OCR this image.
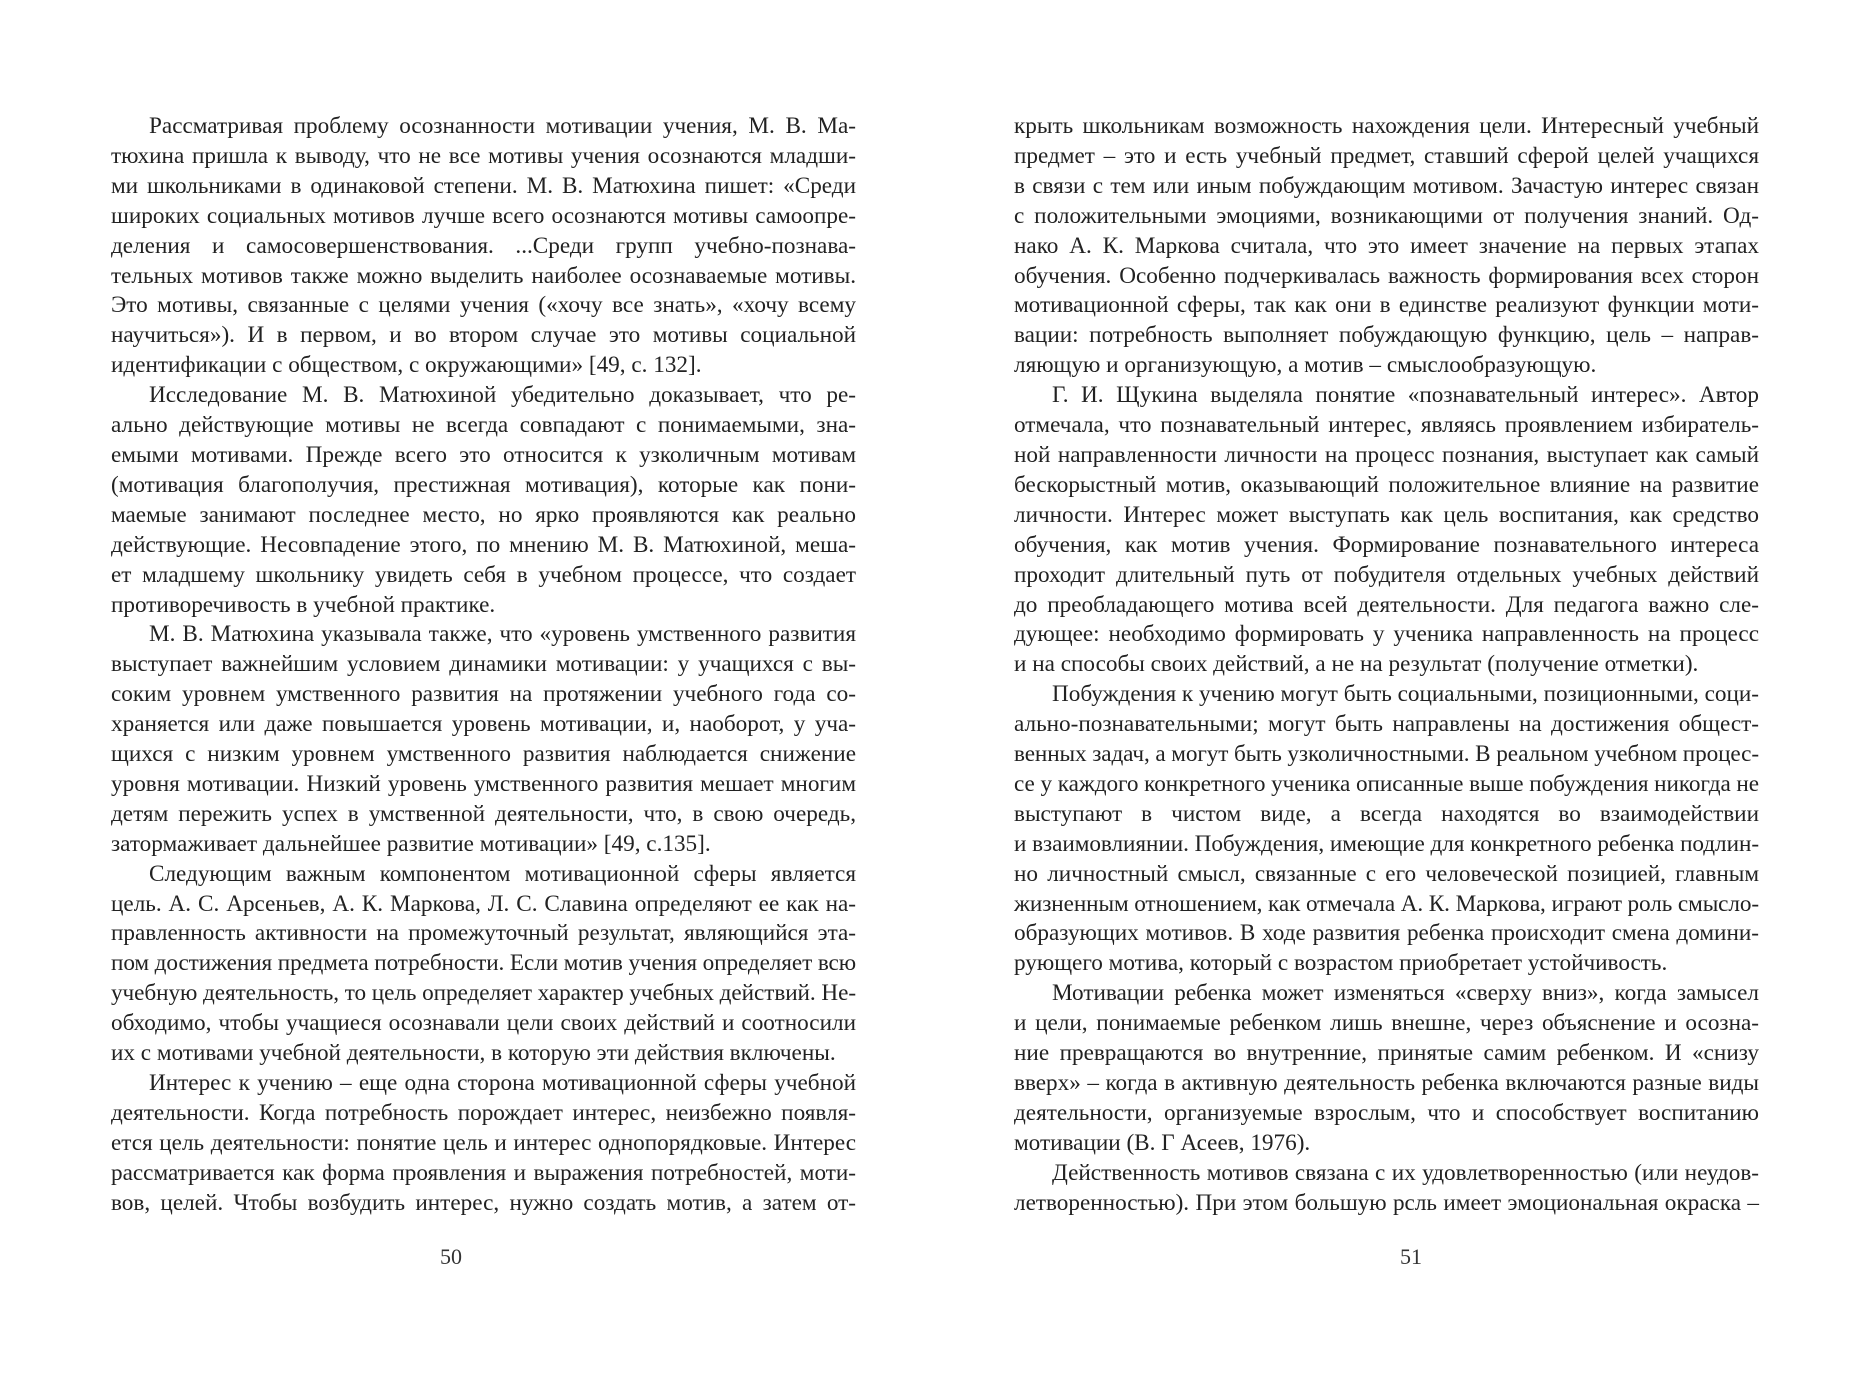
Рассматривая проблему осознанности мотивации учения, М. В. Ма-
тюхина пришла к выводу, что не все мотивы учения осознаются младши-
ми школьниками в одинаковой степени. М. В. Матюхина пишет: «Среди
широких социальных мотивов лучше всего осознаются мотивы самоопре-
деления и самосовершенствования. ...Среди групп учебно-познава-
тельных мотивов также можно выделить наиболее осознаваемые мотивы.
Это мотивы, связанные с целями учения («хочу все знать», «хочу всему
научиться»). И в первом, и во втором случае это мотивы социальной
идентификации с обществом, с окружающими» [49, с. 132].
Исследование М. В. Матюхиной убедительно доказывает, что ре-
ально действующие мотивы не всегда совпадают с понимаемыми, зна-
емыми мотивами. Прежде всего это относится к узколичным мотивам
(мотивация благополучия, престижная мотивация), которые как пони-
маемые занимают последнее место, но ярко проявляются как реально
действующие. Несовпадение этого, по мнению М. В. Матюхиной, меша-
ет младшему школьнику увидеть себя в учебном процессе, что создает
противоречивость в учебной практике.
М. В. Матюхина указывала также, что «уровень умственного развития
выступает важнейшим условием динамики мотивации: у учащихся с вы-
соким уровнем умственного развития на протяжении учебного года со-
храняется или даже повышается уровень мотивации, и, наоборот, у уча-
щихся с низким уровнем умственного развития наблюдается снижение
уровня мотивации. Низкий уровень умственного развития мешает многим
детям пережить успех в умственной деятельности, что, в свою очередь,
затормаживает дальнейшее развитие мотивации» [49, с.135].
Следующим важным компонентом мотивационной сферы является
цель. А. С. Арсеньев, А. К. Маркова, Л. С. Славина определяют ее как на-
правленность активности на промежуточный результат, являющийся эта-
пом достижения предмета потребности. Если мотив учения определяет всю
учебную деятельность, то цель определяет характер учебных действий. Не-
обходимо, чтобы учащиеся осознавали цели своих действий и соотносили
их с мотивами учебной деятельности, в которую эти действия включены.
Интерес к учению – еще одна сторона мотивационной сферы учебной
деятельности. Когда потребность порождает интерес, неизбежно появля-
ется цель деятельности: понятие цель и интерес однопорядковые. Интерес
рассматривается как форма проявления и выражения потребностей, моти-
вов, целей. Чтобы возбудить интерес, нужно создать мотив, а затем от-
крыть школьникам возможность нахождения цели. Интересный учебный
предмет – это и есть учебный предмет, ставший сферой целей учащихся
в связи с тем или иным побуждающим мотивом. Зачастую интерес связан
с положительными эмоциями, возникающими от получения знаний. Од-
нако А. К. Маркова считала, что это имеет значение на первых этапах
обучения. Особенно подчеркивалась важность формирования всех сторон
мотивационной сферы, так как они в единстве реализуют функции моти-
вации: потребность выполняет побуждающую функцию, цель – направ-
ляющую и организующую, а мотив – смыслообразующую.
Г. И. Щукина выделяла понятие «познавательный интерес». Автор
отмечала, что познавательный интерес, являясь проявлением избиратель-
ной направленности личности на процесс познания, выступает как самый
бескорыстный мотив, оказывающий положительное влияние на развитие
личности. Интерес может выступать как цель воспитания, как средство
обучения, как мотив учения. Формирование познавательного интереса
проходит длительный путь от побудителя отдельных учебных действий
до преобладающего мотива всей деятельности. Для педагога важно сле-
дующее: необходимо формировать у ученика направленность на процесс
и на способы своих действий, а не на результат (получение отметки).
Побуждения к учению могут быть социальными, позиционными, соци-
ально-познавательными; могут быть направлены на достижения общест-
венных задач, а могут быть узколичностными. В реальном учебном процес-
се у каждого конкретного ученика описанные выше побуждения никогда не
выступают в чистом виде, а всегда находятся во взаимодействии
и взаимовлиянии. Побуждения, имеющие для конкретного ребенка подлин-
но личностный смысл, связанные с его человеческой позицией, главным
жизненным отношением, как отмечала А. К. Маркова, играют роль смысло-
образующих мотивов. В ходе развития ребенка происходит смена домини-
рующего мотива, который с возрастом приобретает устойчивость.
Мотивации ребенка может изменяться «сверху вниз», когда замысел
и цели, понимаемые ребенком лишь внешне, через объяснение и осозна-
ние превращаются во внутренние, принятые самим ребенком. И «снизу
вверх» – когда в активную деятельность ребенка включаются разные виды
деятельности, организуемые взрослым, что и способствует воспитанию
мотивации (В. Г Асеев, 1976).
Действенность мотивов связана с их удовлетворенностью (или неудов-
летворенностью). При этом большую рсль имеет эмоциональная окраска –
50	51
